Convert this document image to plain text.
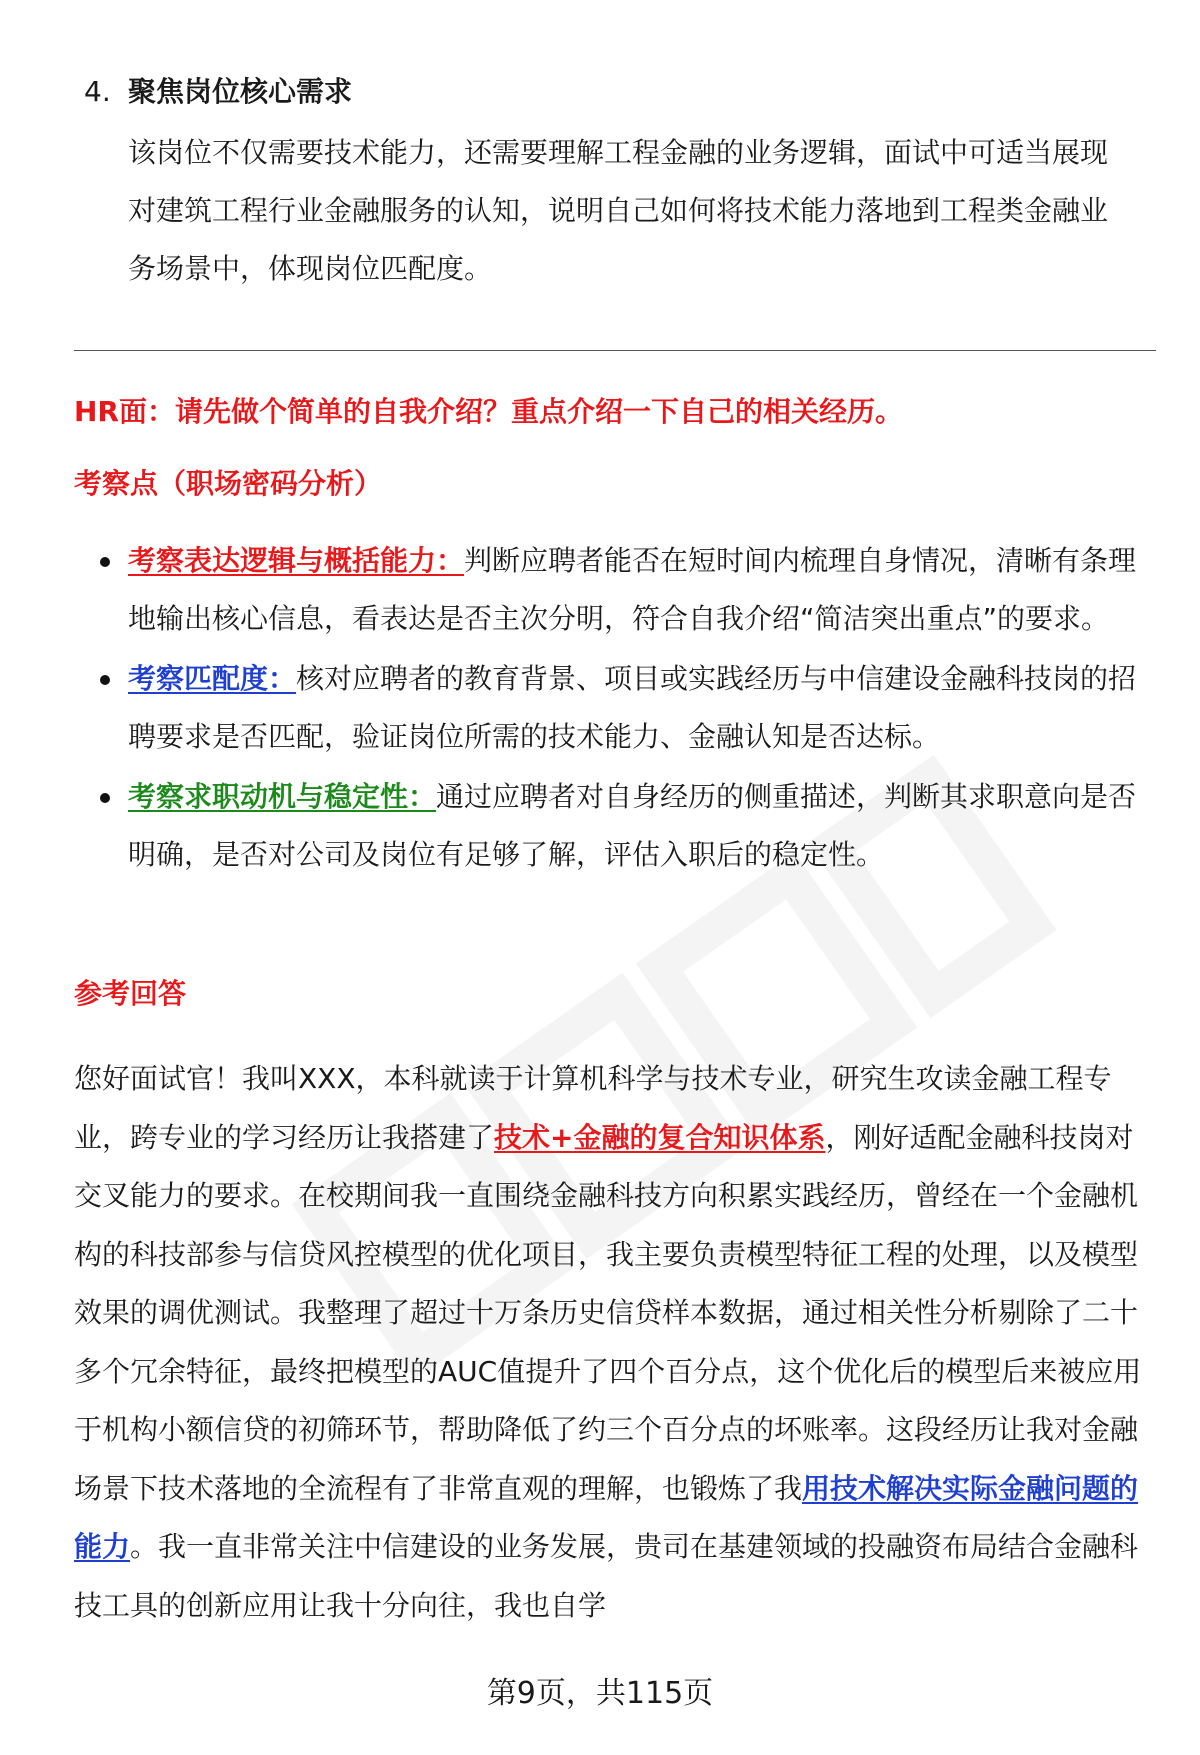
4. 聚焦岗位核心需求
该岗位不仅需要技术能力，还需要理解工程金融的业务逻辑，面试中可适当展现对建筑工程行业金融服务的认知，说明自己如何将技术能力落地到工程类金融业务场景中，体现岗位匹配度。
HR面：请先做个简单的自我介绍？重点介绍一下自己的相关经历。
考察点（职场密码分析）
考察表达逻辑与概括能力：判断应聘者能否在短时间内梳理自身情况，清晰有条理地输出核心信息，看表达是否主次分明，符合自我介绍“简洁突出重点”的要求。
考察匹配度：核对应聘者的教育背景、项目或实践经历与中信建设金融科技岗的招聘要求是否匹配，验证岗位所需的技术能力、金融认知是否达标。
考察求职动机与稳定性：通过应聘者对自身经历的侧重描述，判断其求职意向是否明确，是否对公司及岗位有足够了解，评估入职后的稳定性。
参考回答

您好面试官！我叫XXX，本科就读于计算机科学与技术专业，研究生攻读金融工程专业，跨专业的学习经历让我搭建了技术+金融的复合知识体系，刚好适配金融科技岗对交叉能力的要求。在校期间我一直围绕金融科技方向积累实践经历，曾经在一个金融机构的科技部参与信贷风控模型的优化项目，我主要负责模型特征工程的处理，以及模型效果的调优测试。我整理了超过十万条历史信贷样本数据，通过相关性分析剔除了二十多个冗余特征，最终把模型的AUC值提升了四个百分点，这个优化后的模型后来被应用于机构小额信贷的初筛环节，帮助降低了约三个百分点的坏账率。这段经历让我对金融场景下技术落地的全流程有了非常直观的理解，也锻炼了我用技术解决实际金融问题的能力。我一直非常关注中信建设的业务发展，贵司在基建领域的投融资布局结合金融科技工具的创新应用让我十分向往，我也自学

第9页，共115页
